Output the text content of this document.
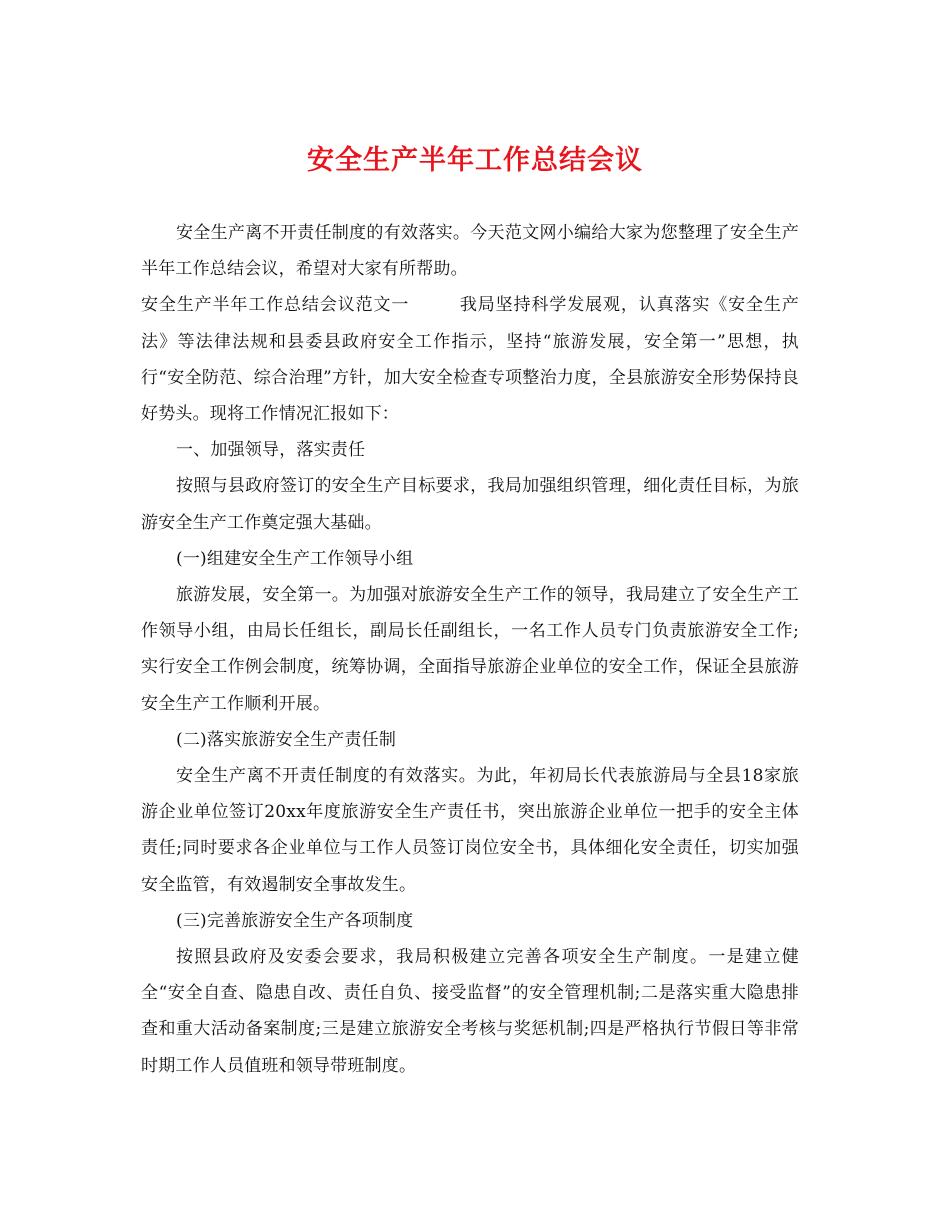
安全生产半年工作总结会议

安全生产离不开责任制度的有效落实。今天范文网小编给大家为您整理了安全生产半年工作总结会议，希望对大家有所帮助。

安全生产半年工作总结会议范文一	我局坚持科学发展观，认真落实《安全生产法》等法律法规和县委县政府安全工作指示，坚持“旅游发展，安全第一”思想，执行“安全防范、综合治理”方针，加大安全检查专项整治力度，全县旅游安全形势保持良好势头。现将工作情况汇报如下：

一、加强领导，落实责任

按照与县政府签订的安全生产目标要求，我局加强组织管理，细化责任目标，为旅游安全生产工作奠定强大基础。

(一)组建安全生产工作领导小组

旅游发展，安全第一。为加强对旅游安全生产工作的领导，我局建立了安全生产工作领导小组，由局长任组长，副局长任副组长，一名工作人员专门负责旅游安全工作;实行安全工作例会制度，统筹协调，全面指导旅游企业单位的安全工作，保证全县旅游安全生产工作顺利开展。

(二)落实旅游安全生产责任制

安全生产离不开责任制度的有效落实。为此，年初局长代表旅游局与全县18家旅游企业单位签订20xx年度旅游安全生产责任书，突出旅游企业单位一把手的安全主体责任;同时要求各企业单位与工作人员签订岗位安全书，具体细化安全责任，切实加强安全监管，有效遏制安全事故发生。

(三)完善旅游安全生产各项制度

按照县政府及安委会要求，我局积极建立完善各项安全生产制度。一是建立健全“安全自查、隐患自改、责任自负、接受监督”的安全管理机制;二是落实重大隐患排查和重大活动备案制度;三是建立旅游安全考核与奖惩机制;四是严格执行节假日等非常时期工作人员值班和领导带班制度。
